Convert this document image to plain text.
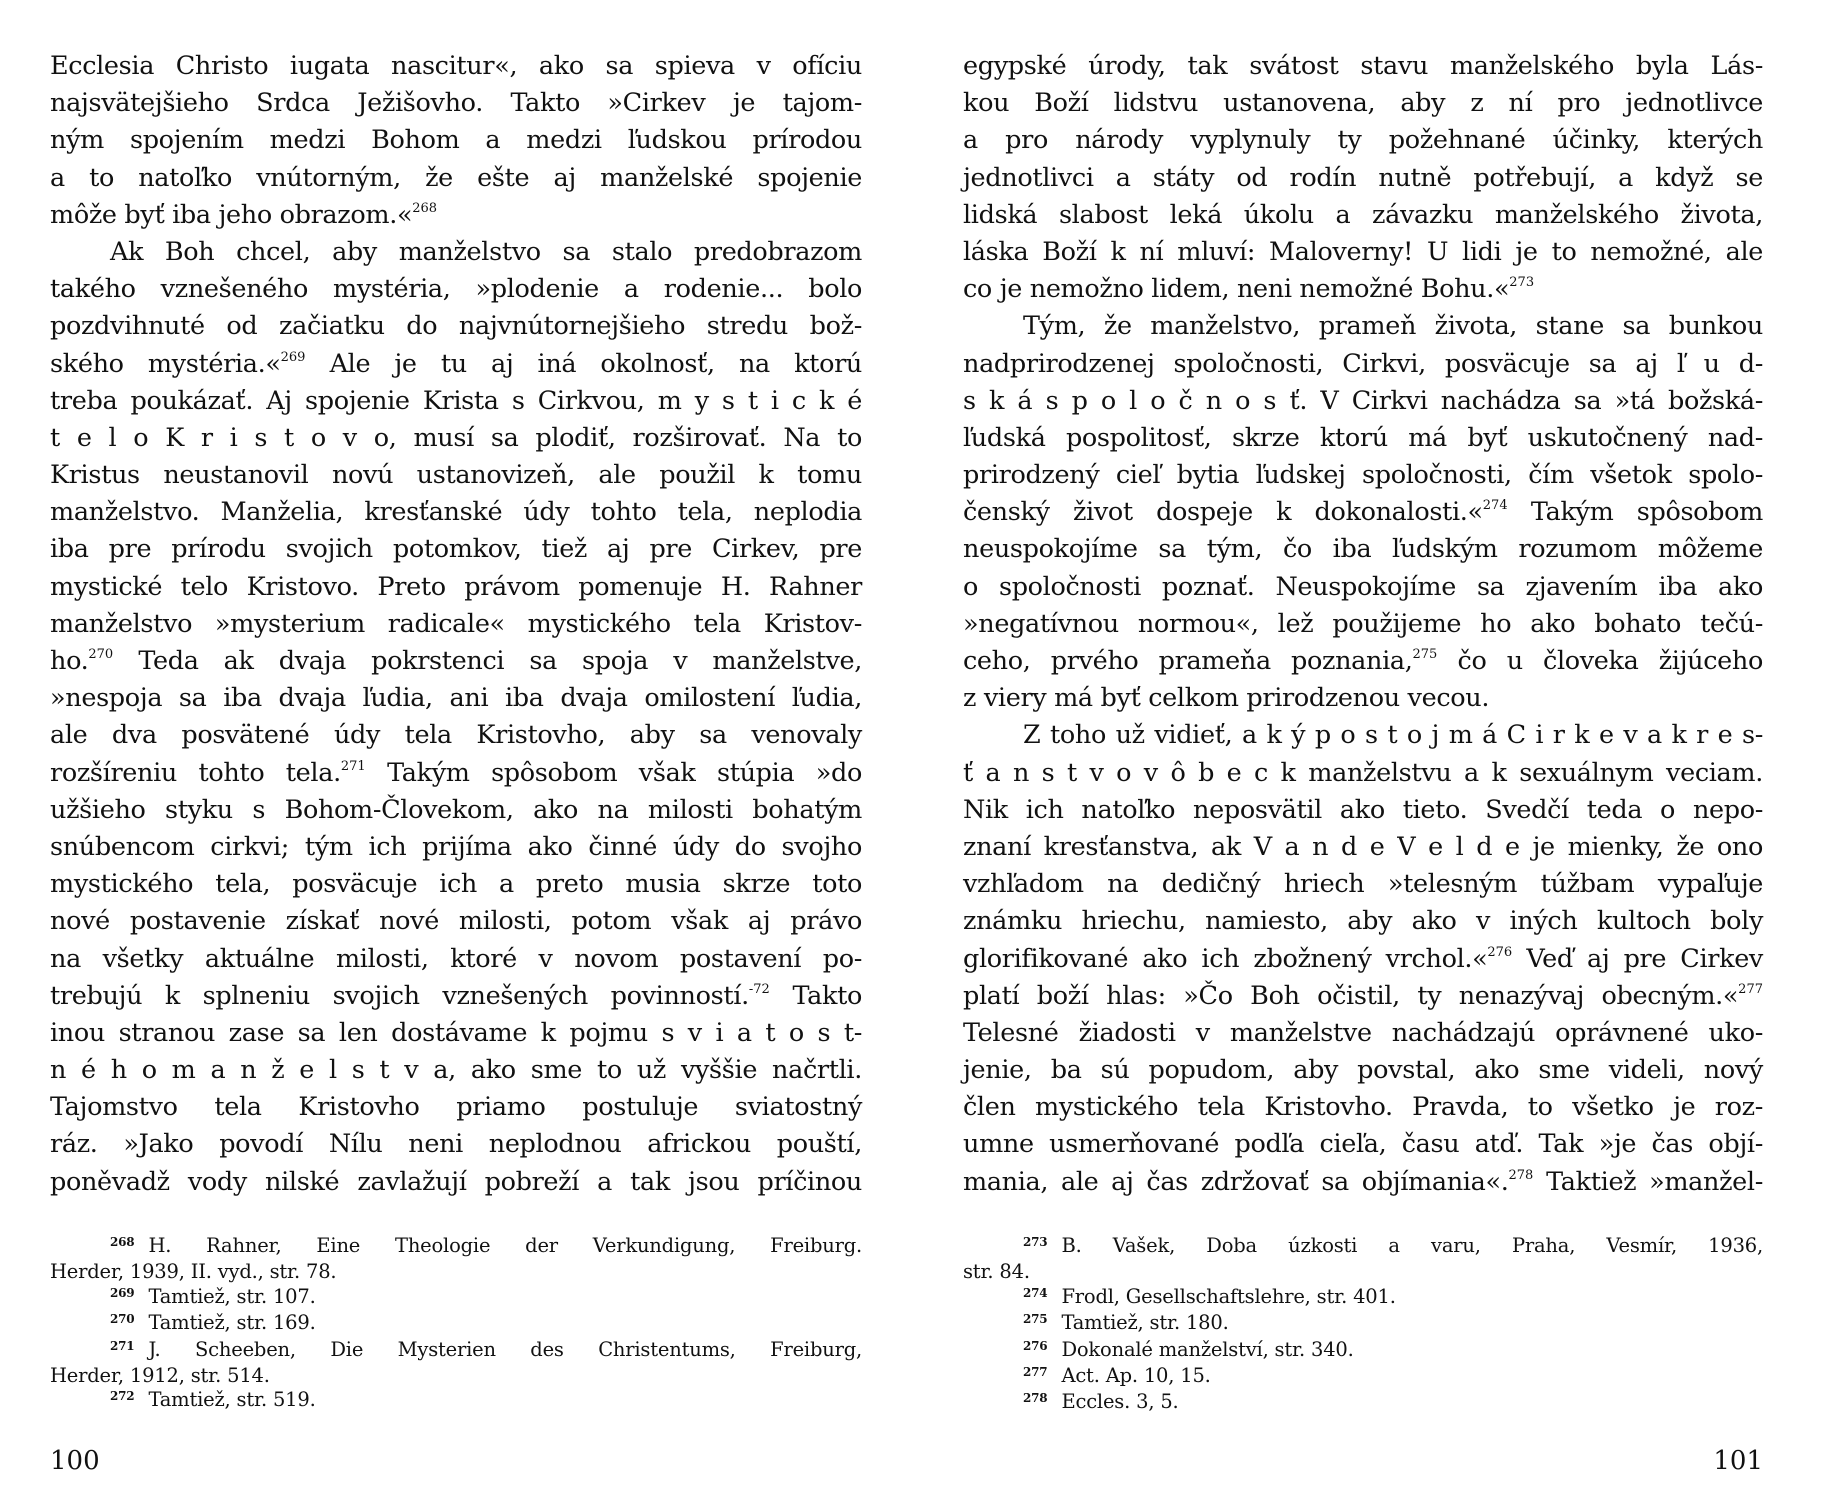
Ecclesia Christo iugata nascitur«, ako sa spieva v ofíciu
najsvätejšieho Srdca Ježišovho. Takto »Cirkev je tajom-
ným spojením medzi Bohom a medzi ľudskou prírodou
a to natoľko vnútorným, že ešte aj manželské spojenie
môže byť iba jeho obrazom.«$^{268}$
Ak Boh chcel, aby manželstvo sa stalo predobrazom
takého vznešeného mystéria, »plodenie a rodenie... bolo
pozdvihnuté od začiatku do najvnútornejšieho stredu bož-
ského mystéria.«$^{269}$ Ale je tu aj iná okolnosť, na ktorú
treba poukázať. Aj spojenie Krista s Cirkvou, m y s t i c k é
t e l o K r i s t o v o, musí sa plodiť, rozširovať. Na to
Kristus neustanovil novú ustanovizeň, ale použil k tomu
manželstvo. Manželia, kresťanské údy tohto tela, neplodia
iba pre prírodu svojich potomkov, tiež aj pre Cirkev, pre
mystické telo Kristovo. Preto právom pomenuje H. Rahner
manželstvo »mysterium radicale« mystického tela Kristov-
ho.$^{270}$ Teda ak dvaja pokrstenci sa spoja v manželstve,
»nespoja sa iba dvaja ľudia, ani iba dvaja omilostení ľudia,
ale dva posvätené údy tela Kristovho, aby sa venovaly
rozšíreniu tohto tela.$^{271}$ Takým spôsobom však stúpia »do
užšieho styku s Bohom-Človekom, ako na milosti bohatým
snúbencom cirkvi; tým ich prijíma ako činné údy do svojho
mystického tela, posväcuje ich a preto musia skrze toto
nové postavenie získať nové milosti, potom však aj právo
na všetky aktuálne milosti, ktoré v novom postavení po-
trebujú k splneniu svojich vznešených povinností.$^{-72}$ Takto
inou stranou zase sa len dostávame k pojmu s v i a t o s t-
n é h o m a n ž e l s t v a, ako sme to už vyššie načrtli.
Tajomstvo tela Kristovho priamo postuluje sviatostný
ráz. »Jako povodí Nílu neni neplodnou africkou pouští,
poněvadž vody nilské zavlažují pobreží a tak jsou príčinou
$^{268}$ H. Rahner, Eine Theologie der Verkundigung, Freiburg.
Herder, 1939, II. vyd., str. 78.
$^{269}$ Tamtiež, str. 107.
$^{270}$ Tamtiež, str. 169.
$^{271}$ J. Scheeben, Die Mysterien des Christentums, Freiburg,
Herder, 1912, str. 514.
$^{272}$ Tamtiež, str. 519.
100
egypské úrody, tak svátost stavu manželského byla Lás-
kou Boží lidstvu ustanovena, aby z ní pro jednotlivce
a pro národy vyplynuly ty požehnané účinky, kterých
jednotlivci a státy od rodín nutně potřebují, a když se
lidská slabost leká úkolu a závazku manželského života,
láska Boží k ní mluví: Maloverny! U lidi je to nemožné, ale
co je nemožno lidem, neni nemožné Bohu.«$^{273}$
Tým, že manželstvo, prameň života, stane sa bunkou
nadprirodzenej spoločnosti, Cirkvi, posväcuje sa aj ľ u d-
s k á s p o l o č n o s ť. V Cirkvi nachádza sa »tá božská-
ľudská pospolitosť, skrze ktorú má byť uskutočnený nad-
prirodzený cieľ bytia ľudskej spoločnosti, čím všetok spolo-
čenský život dospeje k dokonalosti.«$^{274}$ Takým spôsobom
neuspokojíme sa tým, čo iba ľudským rozumom môžeme
o spoločnosti poznať. Neuspokojíme sa zjavením iba ako
»negatívnou normou«, lež použijeme ho ako bohato tečú-
ceho, prvého prameňa poznania,$^{275}$ čo u človeka žijúceho
z viery má byť celkom prirodzenou vecou.
Z toho už vidieť, a k ý p o s t o j m á C i r k e v a k r e s-
ť a n s t v o v ô b e c k manželstvu a k sexuálnym veciam.
Nik ich natoľko neposvätil ako tieto. Svedčí teda o nepo-
znaní kresťanstva, ak V a n d e V e l d e je mienky, že ono
vzhľadom na dedičný hriech »telesným túžbam vypaľuje
známku hriechu, namiesto, aby ako v iných kultoch boly
glorifikované ako ich zbožnený vrchol.«$^{276}$ Veď aj pre Cirkev
platí boží hlas: »Čo Boh očistil, ty nenazývaj obecným.«$^{277}$
Telesné žiadosti v manželstve nachádzajú oprávnené uko-
jenie, ba sú popudom, aby povstal, ako sme videli, nový
člen mystického tela Kristovho. Pravda, to všetko je roz-
umne usmerňované podľa cieľa, času atď. Tak »je čas objí-
mania, ale aj čas zdržovať sa objímania«.$^{278}$ Taktiež »manžel-
$^{273}$ B. Vašek, Doba úzkosti a varu, Praha, Vesmír, 1936,
str. 84.
$^{274}$ Frodl, Gesellschaftslehre, str. 401.
$^{275}$ Tamtiež, str. 180.
$^{276}$ Dokonalé manželství, str. 340.
$^{277}$ Act. Ap. 10, 15.
$^{278}$ Eccles. 3, 5.
101
